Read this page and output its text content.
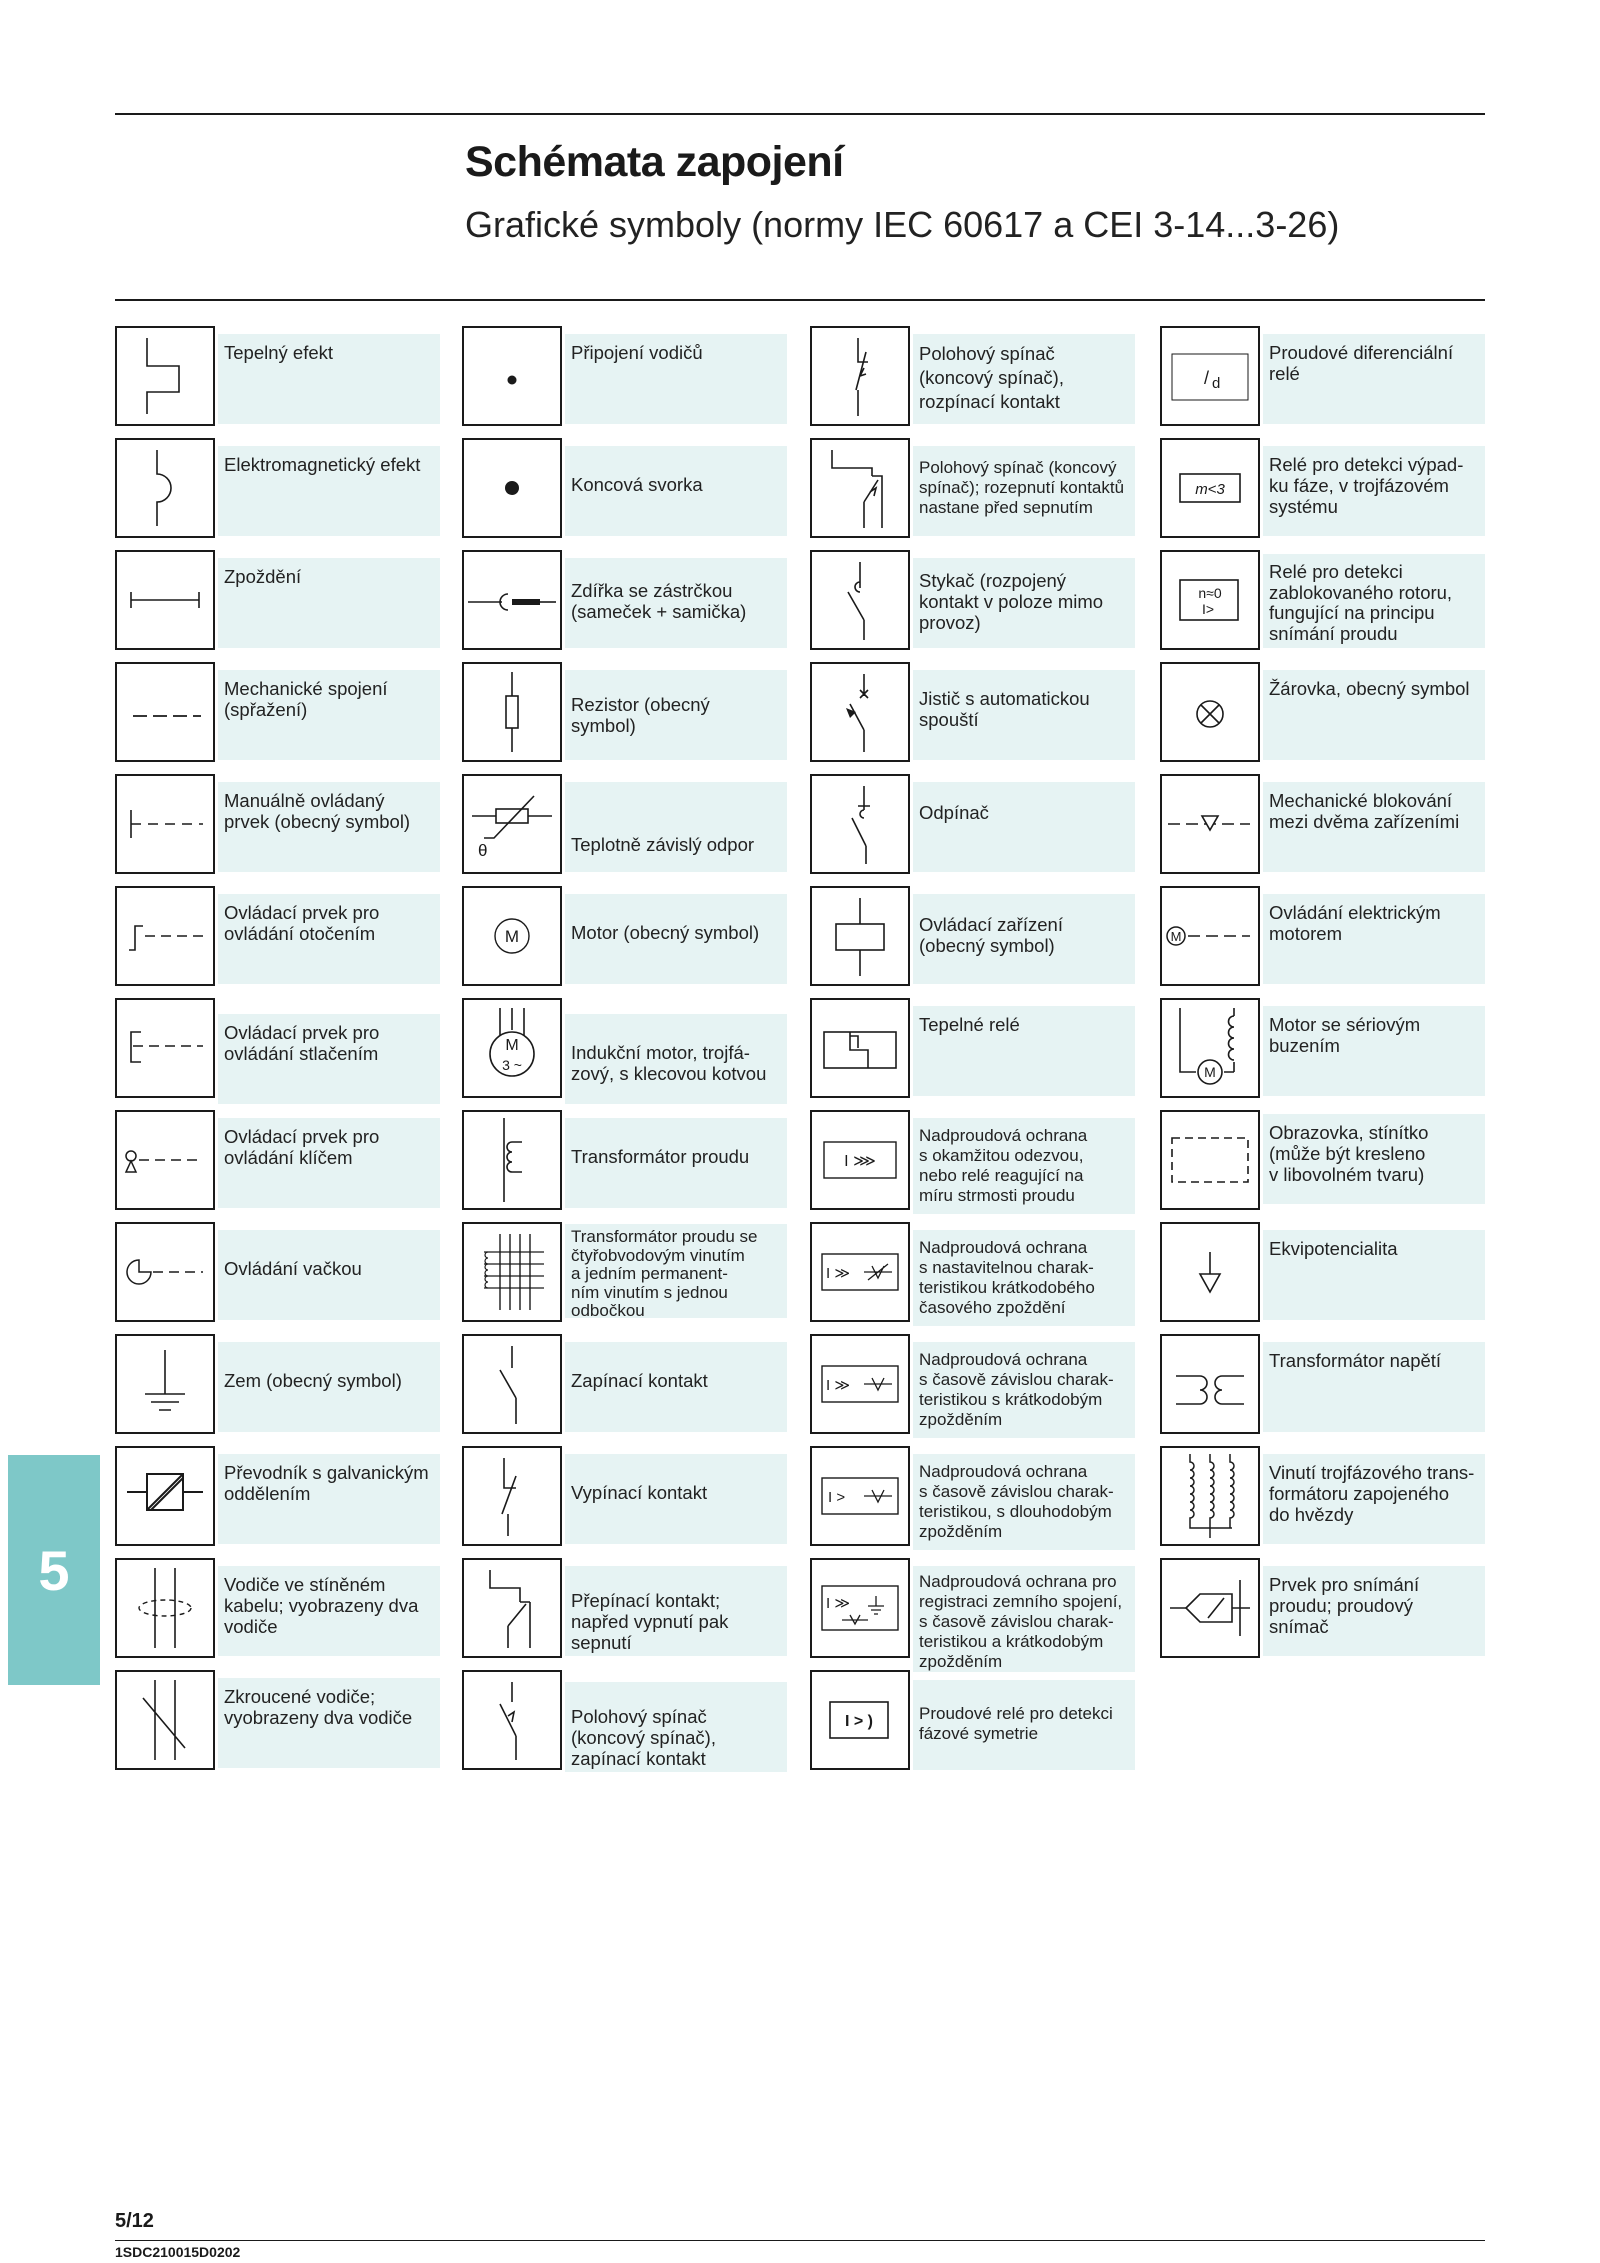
Schémata zapojení
Grafické symboly (normy IEC 60617 a CEI 3-14...3-26)
Tepelný efekt
Elektromagnetický efekt
Zpoždění
Mechanické spojení
(spřažení)
Manuálně ovládaný
prvek (obecný symbol)
Ovládací prvek pro
ovládání otočením
Ovládací prvek pro
ovládání stlačením
Ovládací prvek pro
ovládání klíčem
Ovládání vačkou
Zem (obecný symbol)
Převodník s galvanickým
oddělením
Vodiče ve stíněném
kabelu; vyobrazeny dva
vodiče
Zkroucené vodiče;
vyobrazeny dva vodiče
Připojení vodičů
Koncová svorka
Zdířka se zástrčkou
(sameček + samička)
Rezistor (obecný
symbol)
θ	Teplotně závislý odpor
M	Motor (obecný symbol)
M
3 ~
Indukční motor, trojfá-
zový, s klecovou kotvou
Transformátor proudu
Transformátor proudu se
čtyřobvodovým vinutím
a jedním permanent-
ním vinutím s jednou
odbočkou
Zapínací kontakt
Vypínací kontakt
Přepínací kontakt;
napřed vypnutí pak
sepnutí
Polohový spínač
(koncový spínač),
zapínací kontakt
Polohový spínač
(koncový spínač),
rozpínací kontakt
Polohový spínač (koncový
spínač); rozepnutí kontaktů
nastane před sepnutím
Stykač (rozpojený
kontakt v poloze mimo
provoz)
Jistič s automatickou
spouští
Odpínač
Ovládací zařízení
(obecný symbol)
Tepelné relé
I ⋙
Nadproudová ochrana
s okamžitou odezvou,
nebo relé reagující na
míru strmosti proudu
I ≫
Nadproudová ochrana
s nastavitelnou charak-
teristikou krátkodobého
časového zpoždění
I ≫
Nadproudová ochrana
s časově závislou charak-
teristikou s krátkodobým
zpožděním
I >
Nadproudová ochrana
s časově závislou charak-
teristikou, s dlouhodobým
zpožděním
I ≫
Nadproudová ochrana pro
registraci zemního spojení,
s časově závislou charak-
teristikou a krátkodobým
zpožděním
I > )	Proudové relé pro detekci
fázové symetrie
/ d
Proudové diferenciální
relé
m<3
Relé pro detekci výpad-
ku fáze, v trojfázovém
systému
n≈0
I>
Relé pro detekci
zablokovaného rotoru,
fungující na principu
snímání proudu
Žárovka, obecný symbol
Mechanické blokování
mezi dvěma zařízeními
M
Ovládání elektrickým
motorem
M
Motor se sériovým
buzením
Obrazovka, stínítko
(může být kresleno
v libovolném tvaru)
Ekvipotencialita
Transformátor napětí
Vinutí trojfázového trans-
formátoru zapojeného
do hvězdy
Prvek pro snímání
proudu; proudový
snímač
5
5/12
1SDC210015D0202
